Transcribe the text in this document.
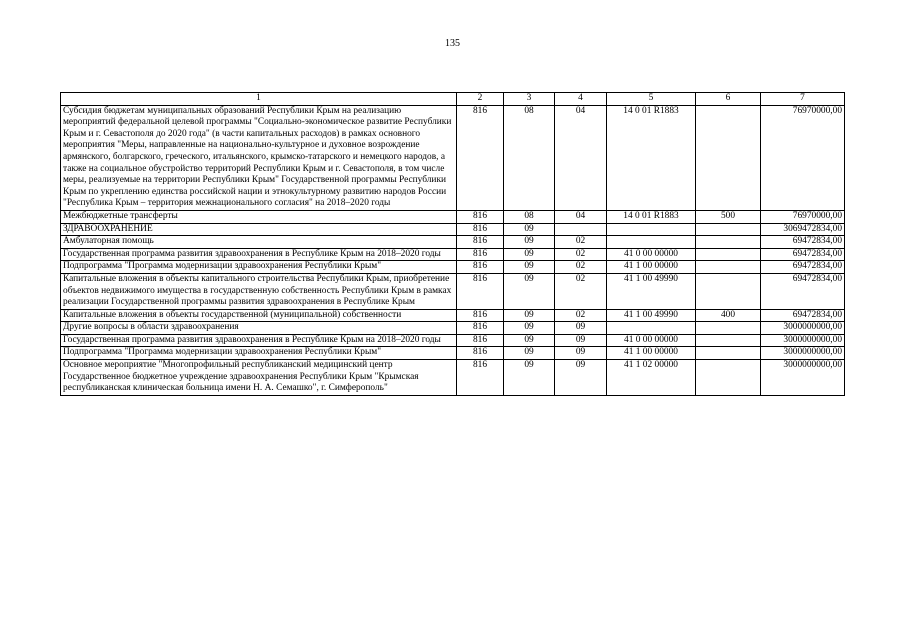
135
1	2	3	4	5	6	7
Субсидия бюджетам муниципальных образований Республики Крым на реализацию мероприятий федеральной целевой программы "Социально-экономическое развитие Республики Крым и г. Севастополя до 2020 года" (в части капитальных расходов) в рамках основного мероприятия "Меры, направленные на национально-культурное и духовное возрождение армянского, болгарского, греческого, итальянского, крымско-татарского и немецкого народов, а также на социальное обустройство территорий Республики Крым и г. Севастополя, в том числе меры, реализуемые на территории Республики Крым" Государственной программы Республики Крым по укреплению единства российской нации и этнокультурному развитию народов России "Республика Крым – территория межнационального согласия" на 2018–2020 годы	816	08	04	14 0 01 R1883		76970000,00
Межбюджетные трансферты	816	08	04	14 0 01 R1883	500	76970000,00
ЗДРАВООХРАНЕНИЕ	816	09				3069472834,00
Амбулаторная помощь	816	09	02			69472834,00
Государственная программа развития здравоохранения в Республике Крым на 2018–2020 годы	816	09	02	41 0 00 00000		69472834,00
Подпрограмма "Программа модернизации здравоохранения Республики Крым"	816	09	02	41 1 00 00000		69472834,00
Капитальные вложения в объекты капитального строительства Республики Крым, приобретение объектов недвижимого имущества в государственную собственность Республики Крым в рамках реализации Государственной программы развития здравоохранения в Республике Крым	816	09	02	41 1 00 49990		69472834,00
Капитальные вложения в объекты государственной (муниципальной) собственности	816	09	02	41 1 00 49990	400	69472834,00
Другие вопросы в области здравоохранения	816	09	09			3000000000,00
Государственная программа развития здравоохранения в Республике Крым на 2018–2020 годы	816	09	09	41 0 00 00000		3000000000,00
Подпрограмма "Программа модернизации здравоохранения Республики Крым"	816	09	09	41 1 00 00000		3000000000,00
Основное мероприятие "Многопрофильный республиканский медицинский центр Государственное бюджетное учреждение здравоохранения Республики Крым "Крымская республиканская клиническая больница имени Н. А. Семашко", г. Симферополь"	816	09	09	41 1 02 00000		3000000000,00
